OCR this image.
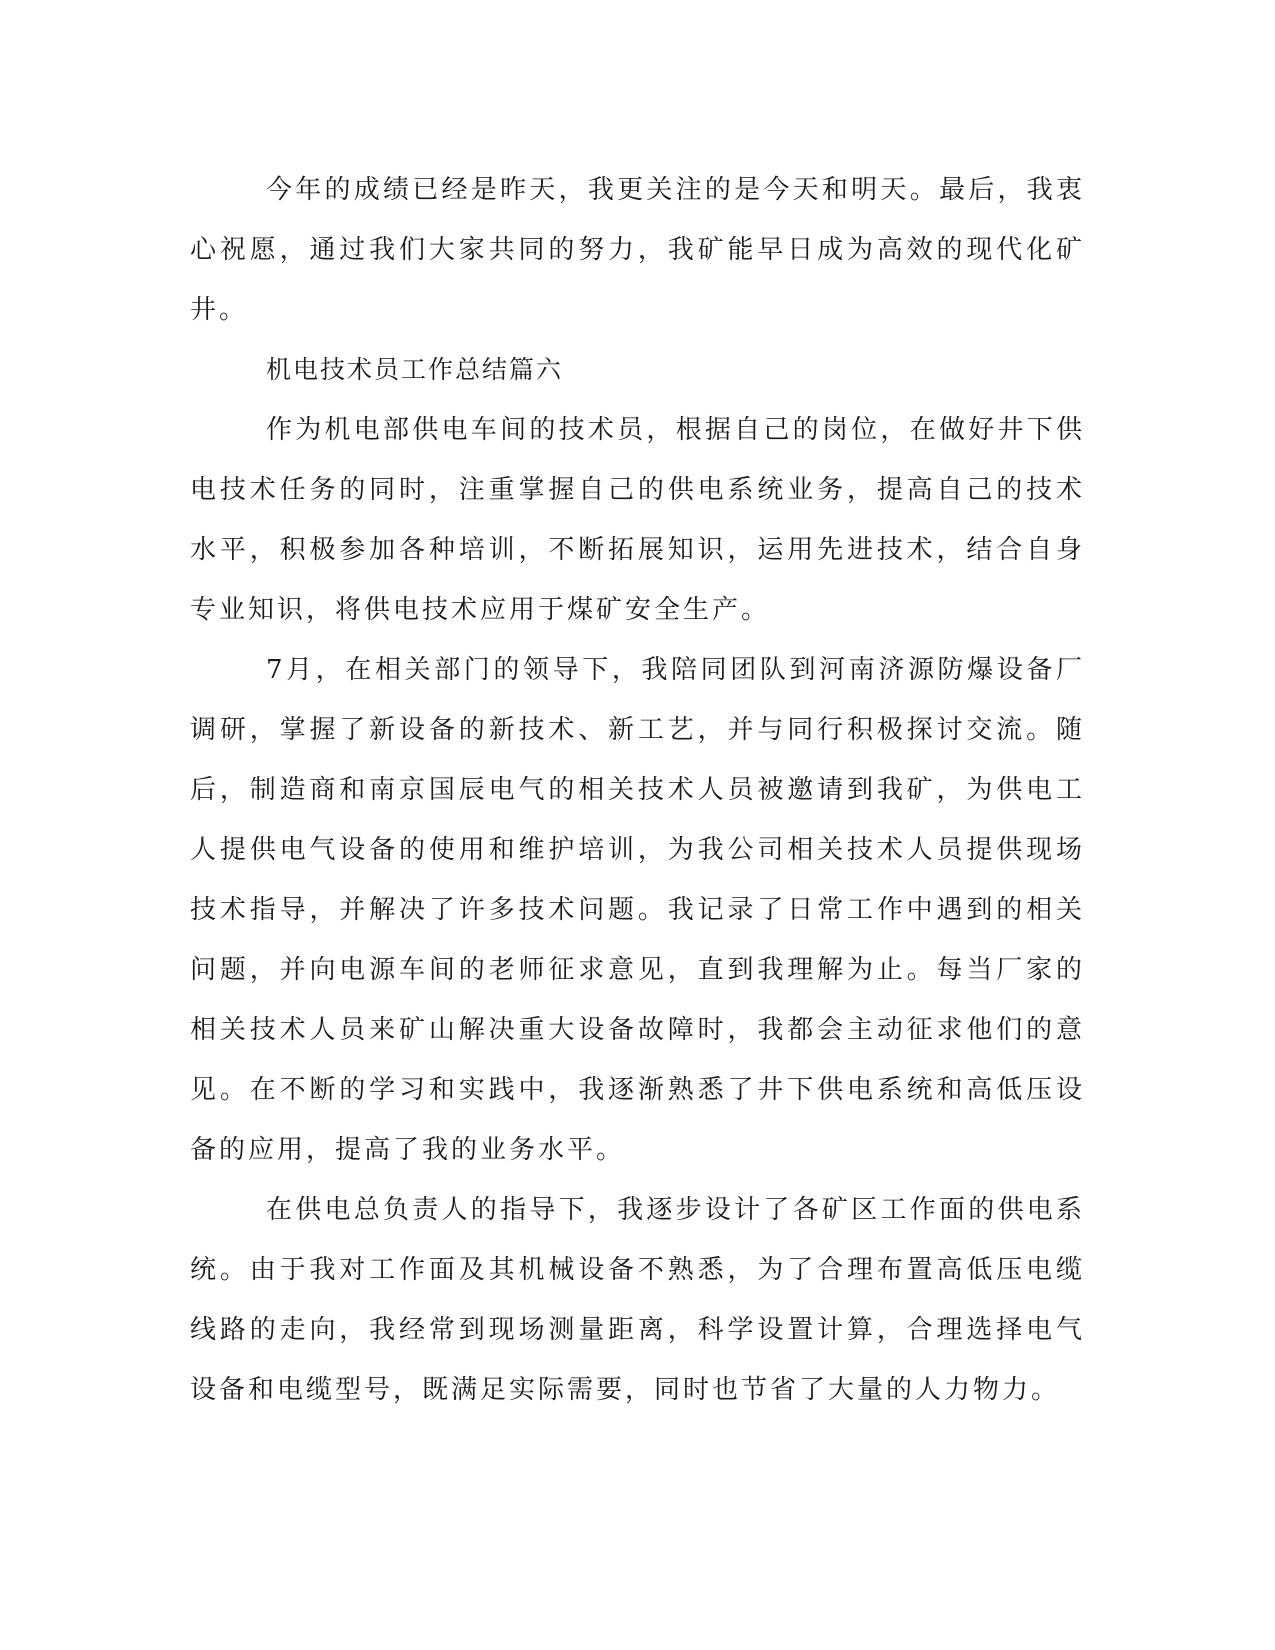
今年的成绩已经是昨天，我更关注的是今天和明天。最后，我衷心祝愿，通过我们大家共同的努力，我矿能早日成为高效的现代化矿井。

机电技术员工作总结篇六

作为机电部供电车间的技术员，根据自己的岗位，在做好井下供电技术任务的同时，注重掌握自己的供电系统业务，提高自己的技术水平，积极参加各种培训，不断拓展知识，运用先进技术，结合自身专业知识，将供电技术应用于煤矿安全生产。

7月，在相关部门的领导下，我陪同团队到河南济源防爆设备厂调研，掌握了新设备的新技术、新工艺，并与同行积极探讨交流。随后，制造商和南京国辰电气的相关技术人员被邀请到我矿，为供电工人提供电气设备的使用和维护培训，为我公司相关技术人员提供现场技术指导，并解决了许多技术问题。我记录了日常工作中遇到的相关问题，并向电源车间的老师征求意见，直到我理解为止。每当厂家的相关技术人员来矿山解决重大设备故障时，我都会主动征求他们的意见。在不断的学习和实践中，我逐渐熟悉了井下供电系统和高低压设备的应用，提高了我的业务水平。

在供电总负责人的指导下，我逐步设计了各矿区工作面的供电系统。由于我对工作面及其机械设备不熟悉，为了合理布置高低压电缆线路的走向，我经常到现场测量距离，科学设置计算，合理选择电气设备和电缆型号，既满足实际需要，同时也节省了大量的人力物力。
